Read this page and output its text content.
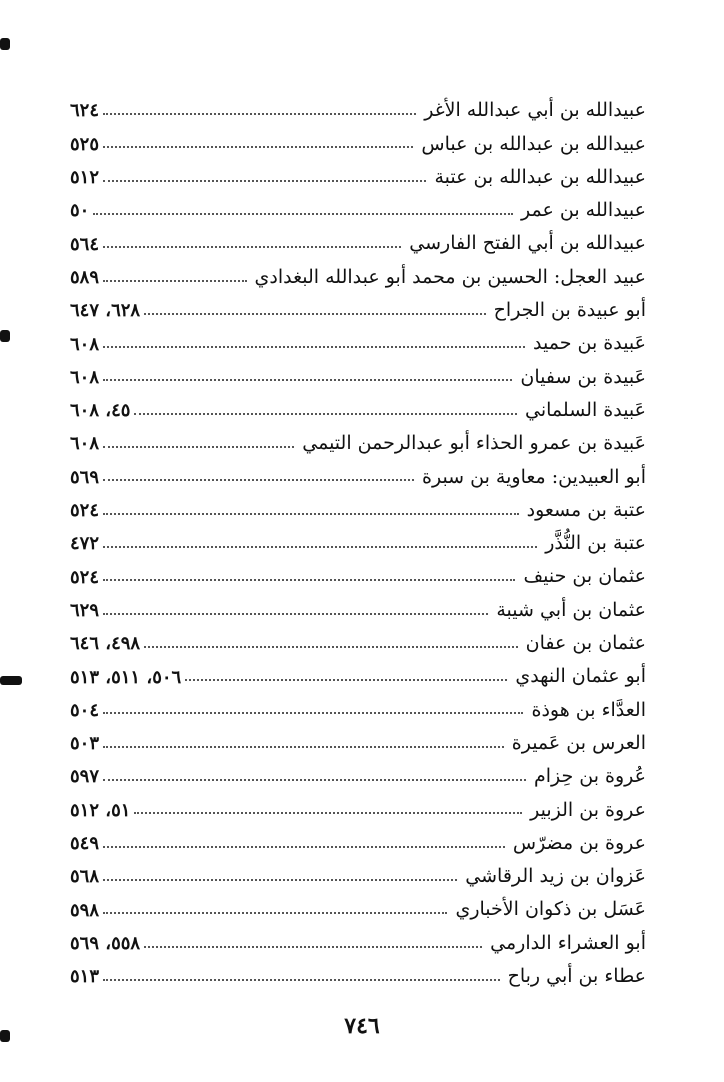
عبيدالله بن أبي عبدالله الأغر
٦٢٤
عبيدالله بن عبدالله بن عباس
٥٢٥
عبيدالله بن عبدالله بن عتبة
٥١٢
عبيدالله بن عمر
٥٠
عبيدالله بن أبي الفتح الفارسي
٥٦٤
عبيد العجل: الحسين بن محمد أبو عبدالله البغدادي
٥٨٩
أبو عبيدة بن الجراح
٦٢٨، ٦٤٧
عَبيدة بن حميد
٦٠٨
عَبيدة بن سفيان
٦٠٨
عَبيدة السلماني
٤٥، ٦٠٨
عَبيدة بن عمرو الحذاء أبو عبدالرحمن التيمي
٦٠٨
أبو العبيدين: معاوية بن سبرة
٥٦٩
عتبة بن مسعود
٥٢٤
عتبة بن النُّذَّر
٤٧٢
عثمان بن حنيف
٥٢٤
عثمان بن أبي شيبة
٦٢٩
عثمان بن عفان
٤٩٨، ٦٤٦
أبو عثمان النهدي
٥٠٦، ٥١١، ٥١٣
العدَّاء بن هوذة
٥٠٤
العرس بن عَميرة
٥٠٣
عُروة بن حِزام
٥٩٧
عروة بن الزبير
٥١، ٥١٢
عروة بن مضرّس
٥٤٩
عَزوان بن زيد الرقاشي
٥٦٨
عَسَل بن ذكوان الأخباري
٥٩٨
أبو العشراء الدارمي
٥٥٨، ٥٦٩
عطاء بن أبي رباح
٥١٣
٧٤٦
